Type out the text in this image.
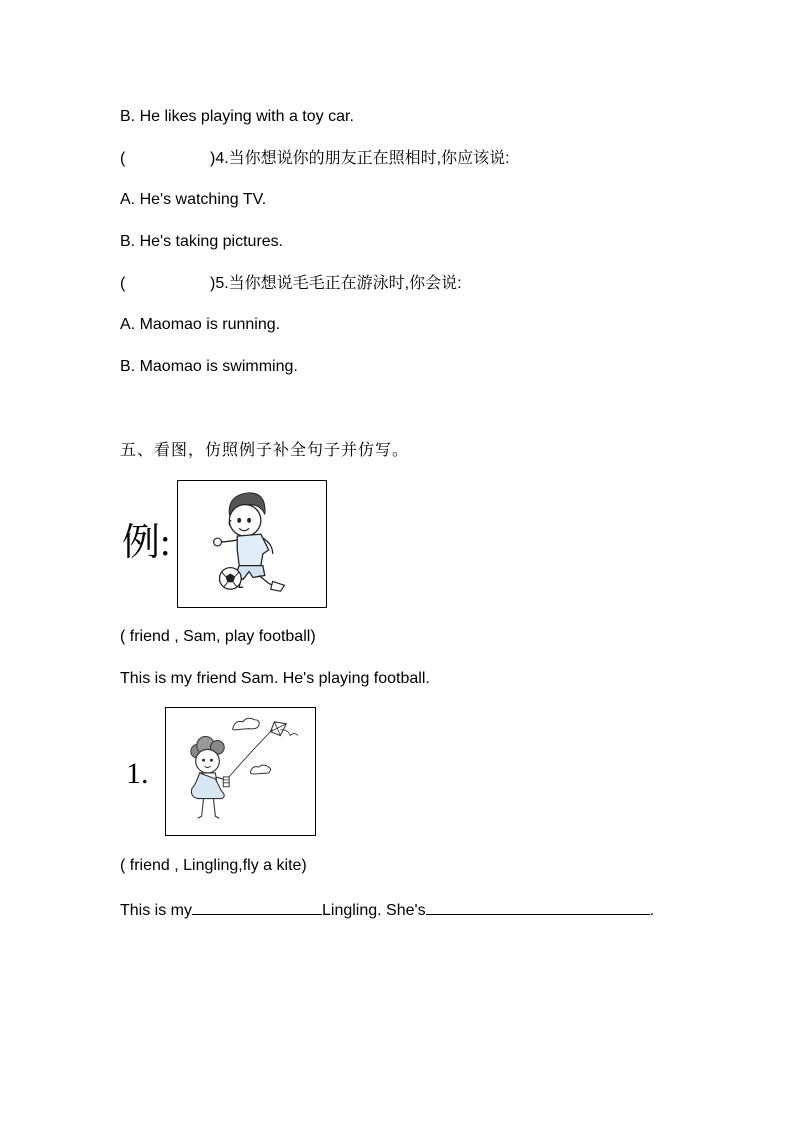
B. He likes playing with a toy car.
(	)4.当你想说你的朋友正在照相时,你应该说:
A. He's watching TV.
B. He's taking pictures.
(	)5.当你想说毛毛正在游泳时,你会说:
A. Maomao is running.
B. Maomao is swimming.
五、看图，仿照例子补全句子并仿写。
例:
( friend , Sam, play football)
This is my friend Sam. He's playing football.
1.
( friend , Lingling,fly a kite)
This is my	Lingling. She's	.
